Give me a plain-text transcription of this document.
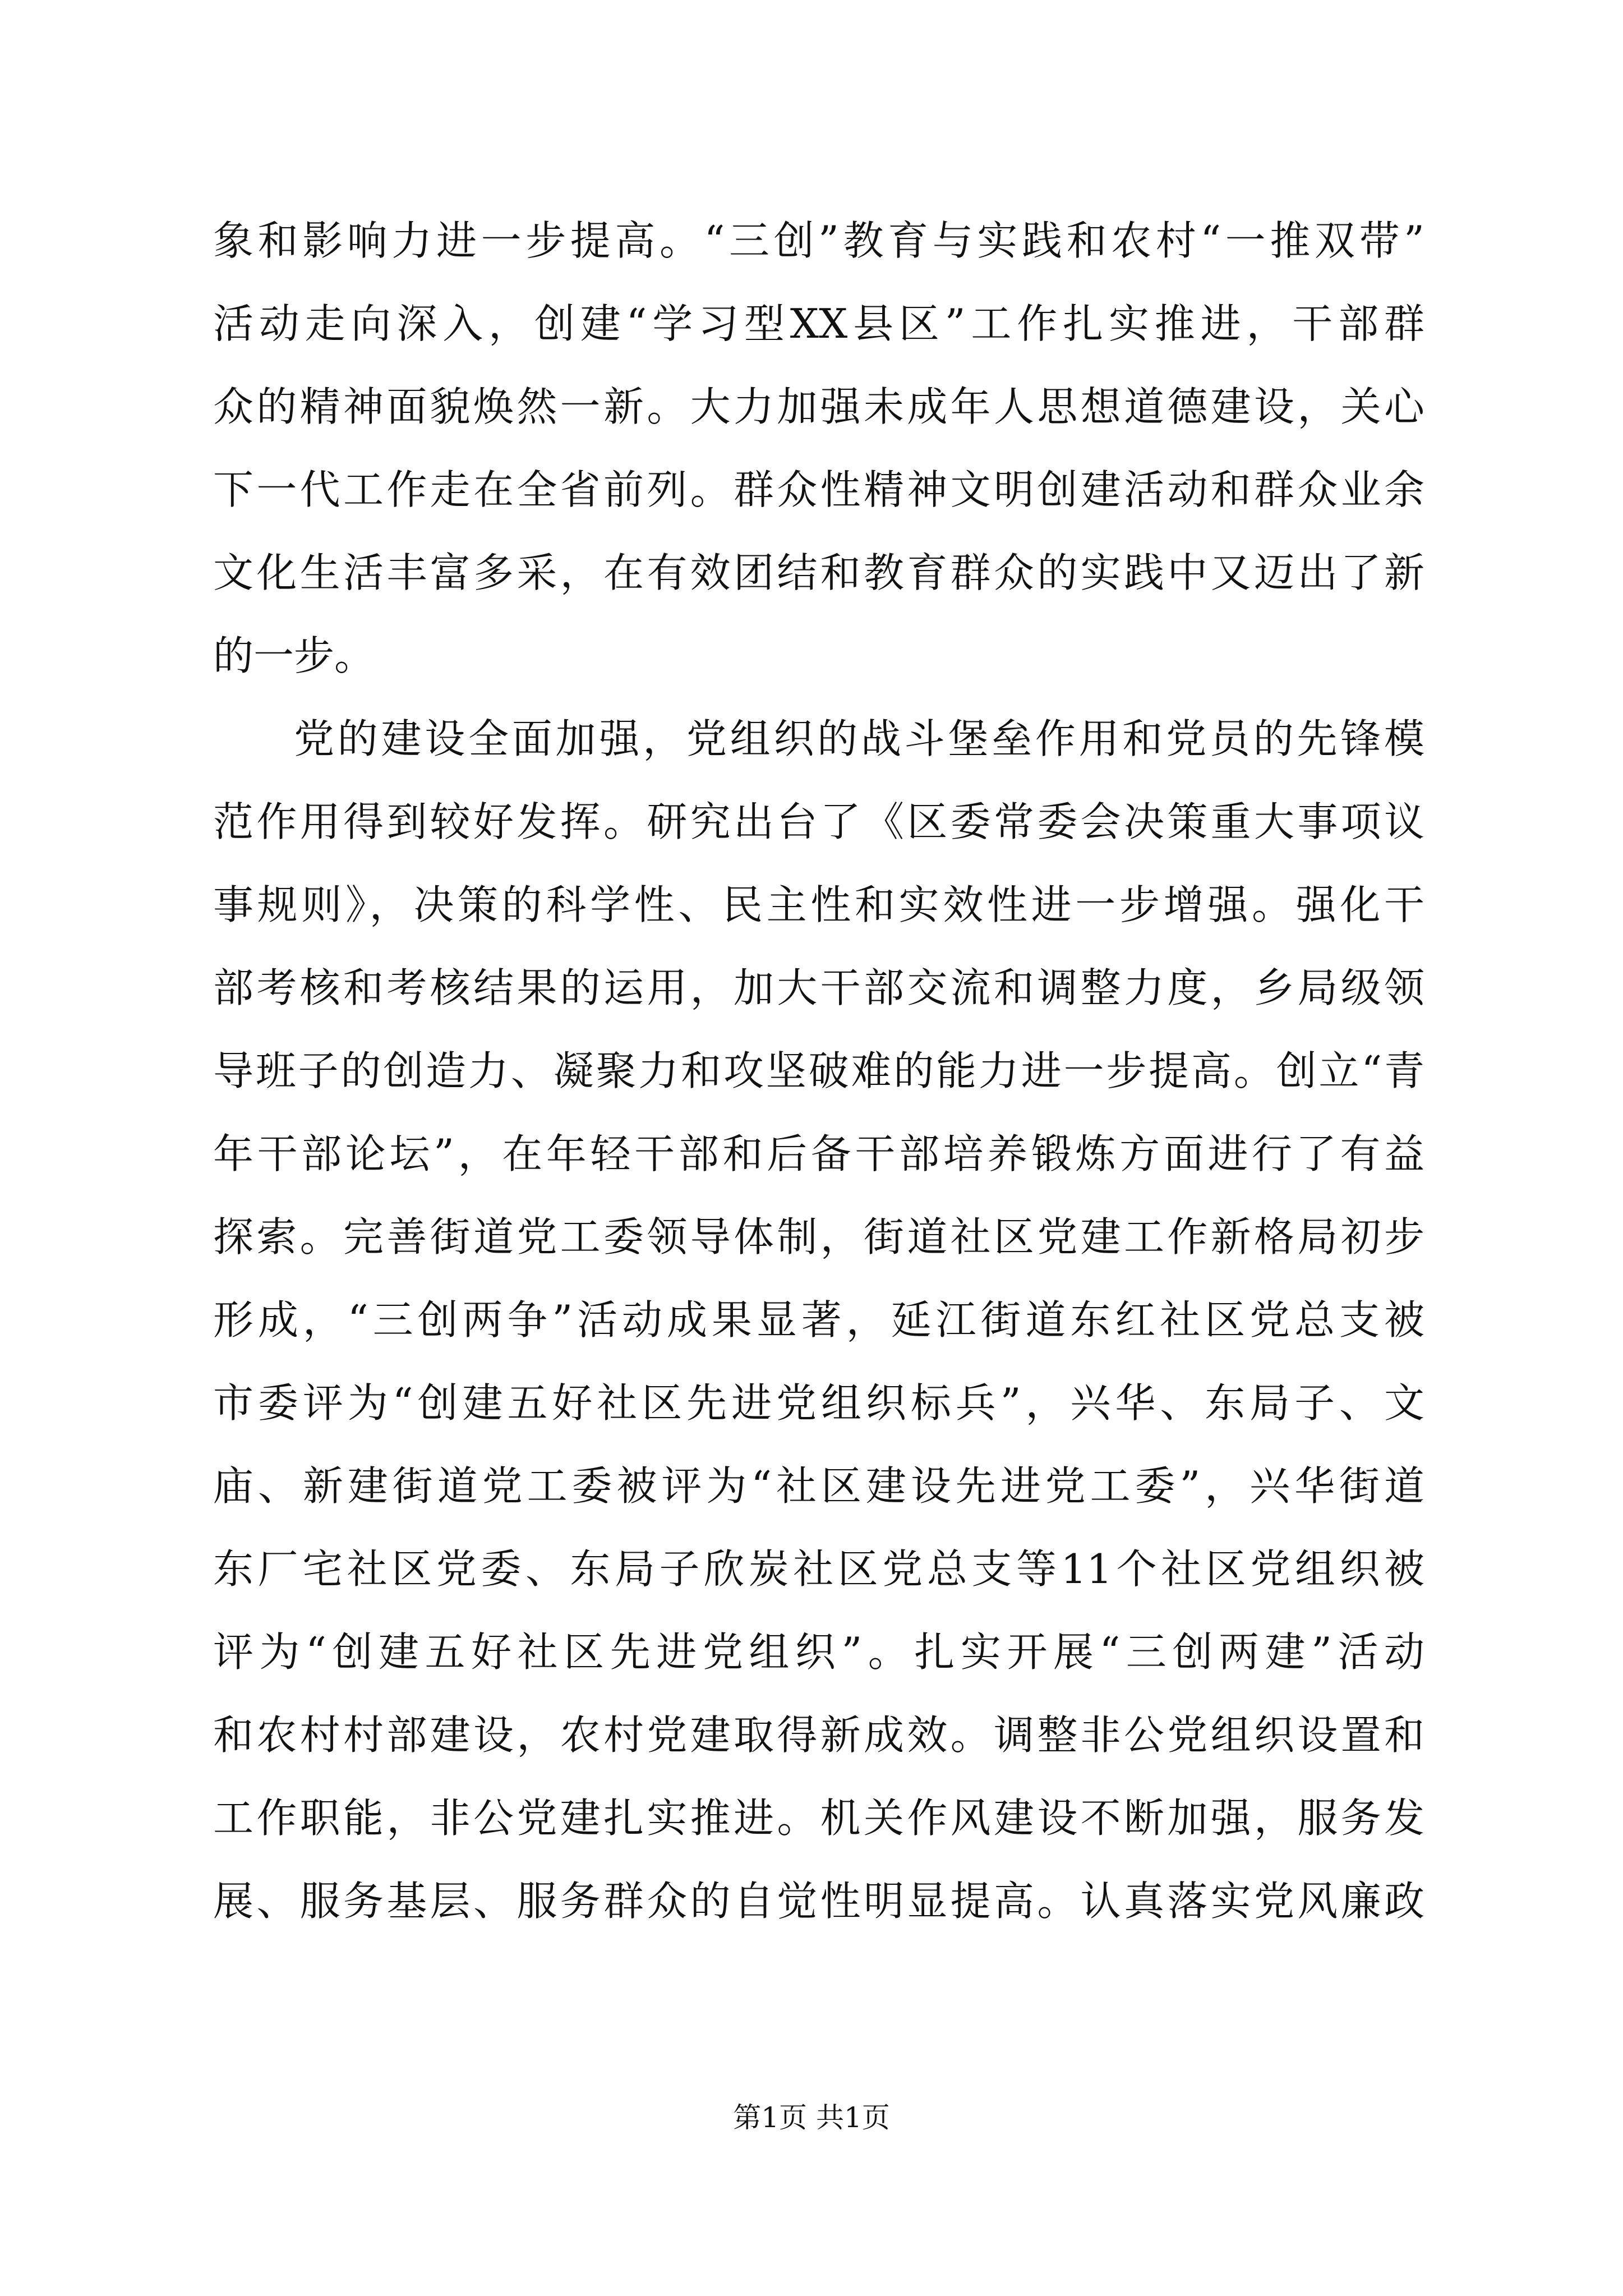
象和影响力进一步提高。“三创”教育与实践和农村“一推双带”
活动走向深入，创建“学习型XX县区”工作扎实推进，干部群
众的精神面貌焕然一新。大力加强未成年人思想道德建设，关心
下一代工作走在全省前列。群众性精神文明创建活动和群众业余
文化生活丰富多采，在有效团结和教育群众的实践中又迈出了新
的一步。
党的建设全面加强，党组织的战斗堡垒作用和党员的先锋模
范作用得到较好发挥。研究出台了《区委常委会决策重大事项议
事规则》，决策的科学性、民主性和实效性进一步增强。强化干
部考核和考核结果的运用，加大干部交流和调整力度，乡局级领
导班子的创造力、凝聚力和攻坚破难的能力进一步提高。创立“青
年干部论坛”，在年轻干部和后备干部培养锻炼方面进行了有益
探索。完善街道党工委领导体制，街道社区党建工作新格局初步
形成，“三创两争”活动成果显著，延江街道东红社区党总支被
市委评为“创建五好社区先进党组织标兵”，兴华、东局子、文
庙、新建街道党工委被评为“社区建设先进党工委”，兴华街道
东厂宅社区党委、东局子欣炭社区党总支等11个社区党组织被
评为“创建五好社区先进党组织”。扎实开展“三创两建”活动
和农村村部建设，农村党建取得新成效。调整非公党组织设置和
工作职能，非公党建扎实推进。机关作风建设不断加强，服务发
展、服务基层、服务群众的自觉性明显提高。认真落实党风廉政
第1页 共1页
